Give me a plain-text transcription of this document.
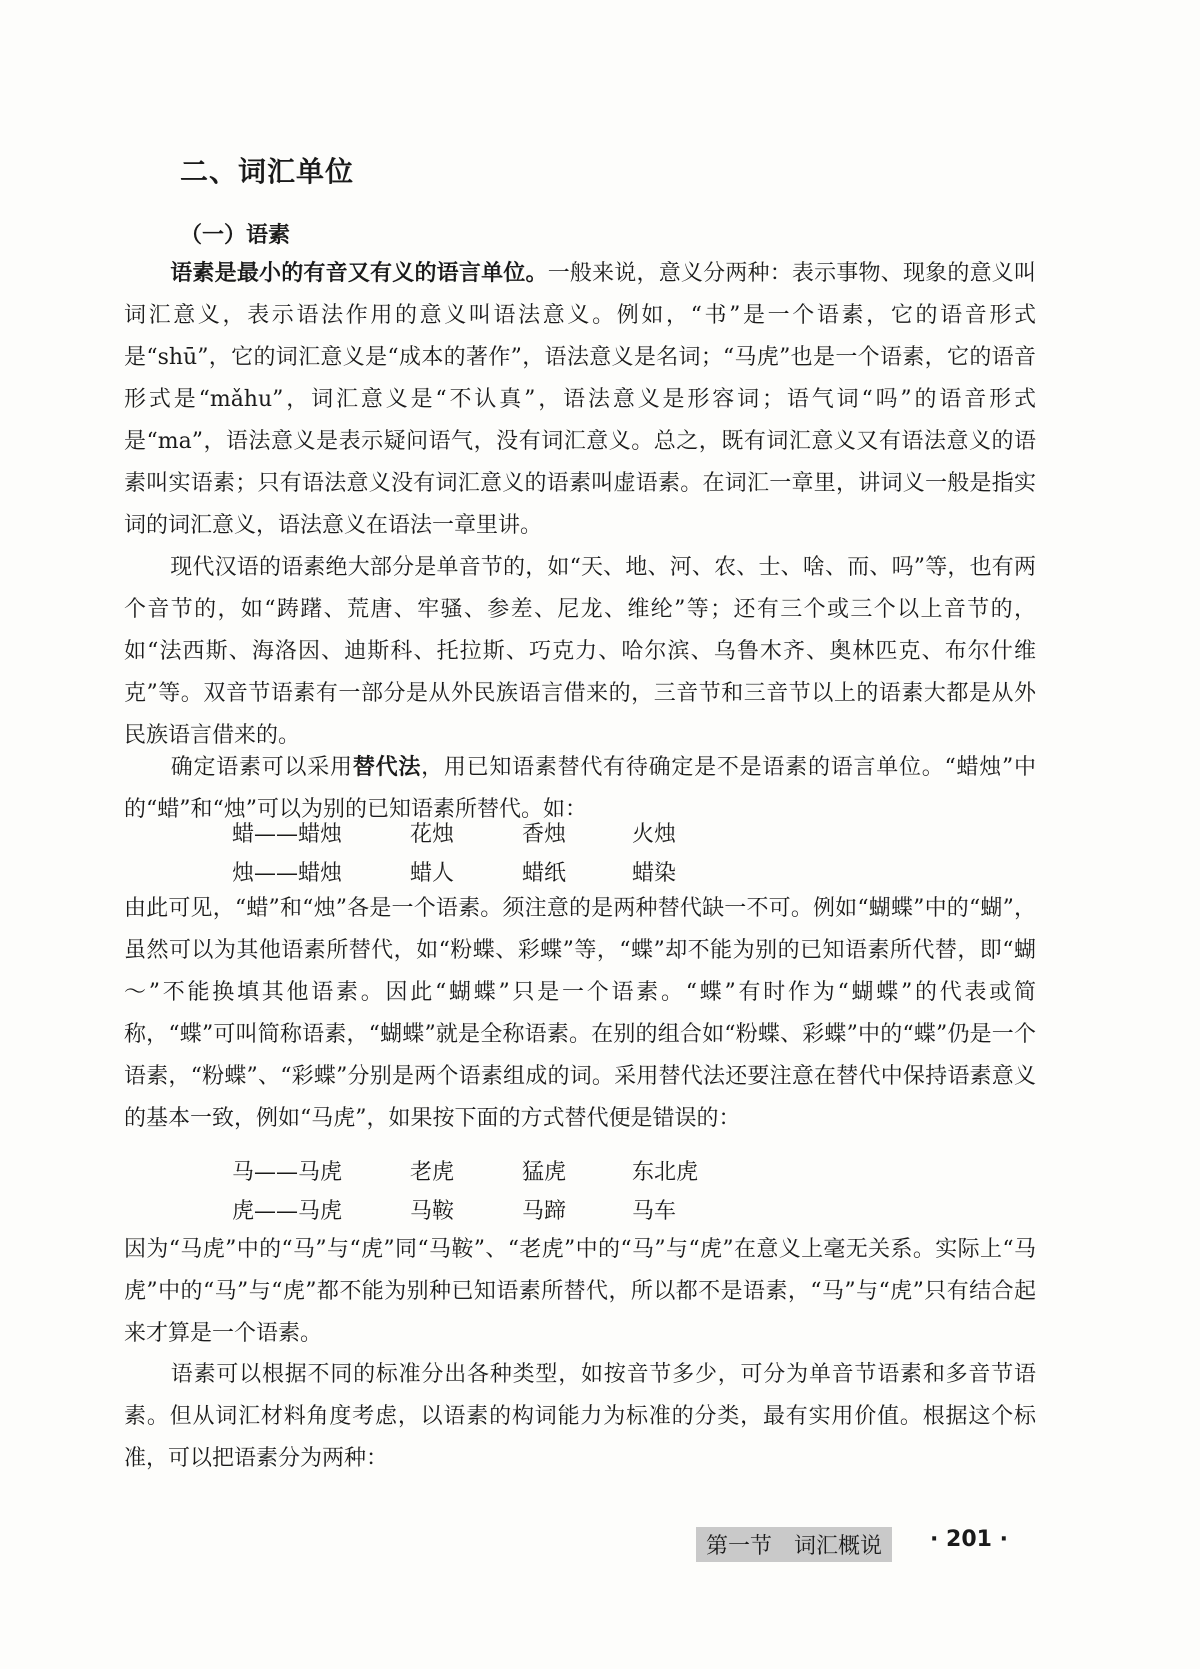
二、词汇单位
（一）语素
语素是最小的有音又有义的语言单位。一般来说，意义分两种：表示事物、现象的意义叫词汇意义，表示语法作用的意义叫语法意义。例如，“书”是一个语素，它的语音形式是“shū”，它的词汇意义是“成本的著作”，语法意义是名词；“马虎”也是一个语素，它的语音形式是“mǎhu”，词汇意义是“不认真”，语法意义是形容词；语气词“吗”的语音形式是“ma”，语法意义是表示疑问语气，没有词汇意义。总之，既有词汇意义又有语法意义的语素叫实语素；只有语法意义没有词汇意义的语素叫虚语素。在词汇一章里，讲词义一般是指实词的词汇意义，语法意义在语法一章里讲。
现代汉语的语素绝大部分是单音节的，如“天、地、河、农、士、啥、而、吗”等，也有两个音节的，如“踌躇、荒唐、牢骚、参差、尼龙、维纶”等；还有三个或三个以上音节的，如“法西斯、海洛因、迪斯科、托拉斯、巧克力、哈尔滨、乌鲁木齐、奥林匹克、布尔什维克”等。双音节语素有一部分是从外民族语言借来的，三音节和三音节以上的语素大都是从外民族语言借来的。
确定语素可以采用替代法，用已知语素替代有待确定是不是语素的语言单位。“蜡烛”中的“蜡”和“烛”可以为别的已知语素所替代。如：
蜡——蜡烛	花烛	香烛	火烛
烛——蜡烛	蜡人	蜡纸	蜡染
由此可见，“蜡”和“烛”各是一个语素。须注意的是两种替代缺一不可。例如“蝴蝶”中的“蝴”，虽然可以为其他语素所替代，如“粉蝶、彩蝶”等，“蝶”却不能为别的已知语素所代替，即“蝴～”不能换填其他语素。因此“蝴蝶”只是一个语素。“蝶”有时作为“蝴蝶”的代表或简称，“蝶”可叫简称语素，“蝴蝶”就是全称语素。在别的组合如“粉蝶、彩蝶”中的“蝶”仍是一个语素，“粉蝶”、“彩蝶”分别是两个语素组成的词。采用替代法还要注意在替代中保持语素意义的基本一致，例如“马虎”，如果按下面的方式替代便是错误的：
马——马虎	老虎	猛虎	东北虎
虎——马虎	马鞍	马蹄	马车
因为“马虎”中的“马”与“虎”同“马鞍”、“老虎”中的“马”与“虎”在意义上毫无关系。实际上“马虎”中的“马”与“虎”都不能为别种已知语素所替代，所以都不是语素，“马”与“虎”只有结合起来才算是一个语素。
语素可以根据不同的标准分出各种类型，如按音节多少，可分为单音节语素和多音节语素。但从词汇材料角度考虑，以语素的构词能力为标准的分类，最有实用价值。根据这个标准，可以把语素分为两种：
第一节　词汇概说	· 201 ·
